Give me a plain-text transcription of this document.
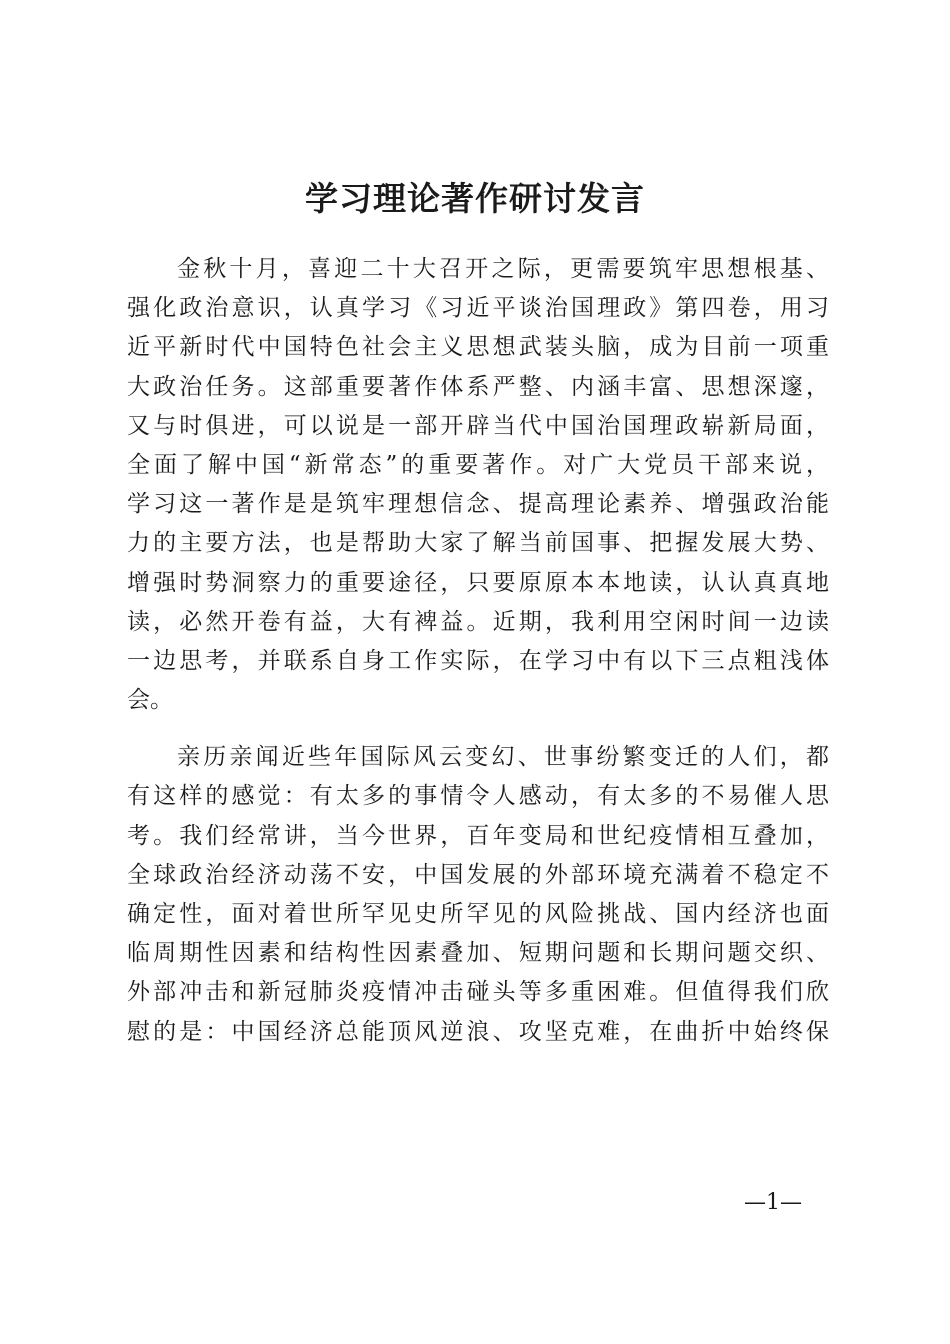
学习理论著作研讨发言
金秋十月，喜迎二十大召开之际，更需要筑牢思想根基、
强化政治意识，认真学习《习近平谈治国理政》第四卷，用习
近平新时代中国特色社会主义思想武装头脑，成为目前一项重
大政治任务。这部重要著作体系严整、内涵丰富、思想深邃，
又与时俱进，可以说是一部开辟当代中国治国理政崭新局面，
全面了解中国“新常态”的重要著作。对广大党员干部来说，
学习这一著作是是筑牢理想信念、提高理论素养、增强政治能
力的主要方法，也是帮助大家了解当前国事、把握发展大势、
增强时势洞察力的重要途径，只要原原本本地读，认认真真地
读，必然开卷有益，大有裨益。近期，我利用空闲时间一边读
一边思考，并联系自身工作实际，在学习中有以下三点粗浅体
会。
亲历亲闻近些年国际风云变幻、世事纷繁变迁的人们，都
有这样的感觉：有太多的事情令人感动，有太多的不易催人思
考。我们经常讲，当今世界，百年变局和世纪疫情相互叠加，
全球政治经济动荡不安，中国发展的外部环境充满着不稳定不
确定性，面对着世所罕见史所罕见的风险挑战、国内经济也面
临周期性因素和结构性因素叠加、短期问题和长期问题交织、
外部冲击和新冠肺炎疫情冲击碰头等多重困难。但值得我们欣
慰的是：中国经济总能顶风逆浪、攻坚克难，在曲折中始终保
—1—
